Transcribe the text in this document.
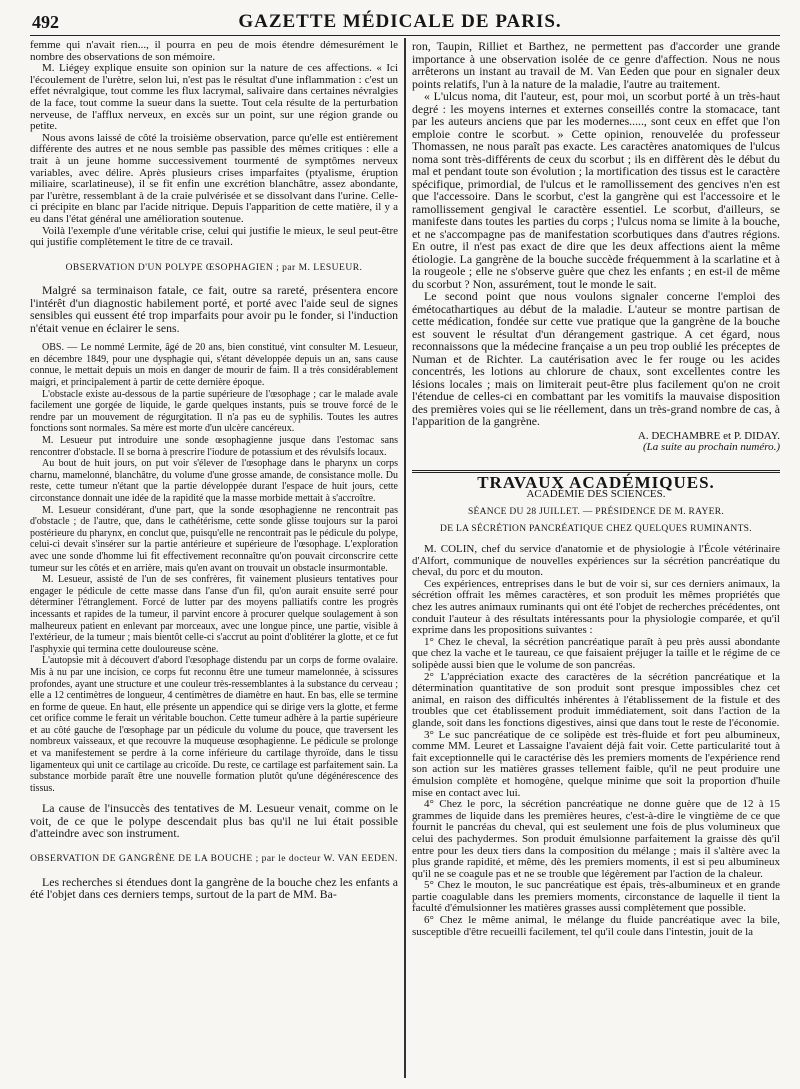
492	GAZETTE MÉDICALE DE PARIS.

femme qui n'avait rien..., il pourra en peu de mois étendre démesurément le nombre des observations de son mémoire.

M. Liégey explique ensuite son opinion sur la nature de ces affections. « Ici l'écoulement de l'urètre, selon lui, n'est pas le résultat d'une inflammation : c'est un effet névralgique, tout comme les flux lacrymal, salivaire dans certaines névralgies de la face, tout comme la sueur dans la suette. Tout cela résulte de la perturbation nerveuse, de l'afflux nerveux, en excès sur un point, sur une région grande ou petite.

Nous avons laissé de côté la troisième observation, parce qu'elle est entièrement différente des autres et ne nous semble pas passible des mêmes critiques : elle a trait à un jeune homme successivement tourmenté de symptômes nerveux variables, avec délire. Après plusieurs crises imparfaites (ptyalisme, éruption miliaire, scarlatineuse), il se fit enfin une excrétion blanchâtre, assez abondante, par l'urètre, ressemblant à de la craie pulvérisée et se dissolvant dans l'urine. Celle-ci précipite en blanc par l'acide nitrique. Depuis l'apparition de cette matière, il y a eu dans l'état général une amélioration soutenue.

Voilà l'exemple d'une véritable crise, celui qui justifie le mieux, le seul peut-être qui justifie complètement le titre de ce travail.

OBSERVATION D'UN POLYPE ŒSOPHAGIEN ; par M. LESUEUR.

Malgré sa terminaison fatale, ce fait, outre sa rareté, présentera encore l'intérêt d'un diagnostic habilement porté, et porté avec l'aide seul de signes sensibles qui eussent été trop imparfaits pour avoir pu le fonder, si l'induction n'était venue en éclairer le sens.

OBS. — Le nommé Lermite, âgé de 20 ans, bien constitué, vint consulter M. Lesueur, en décembre 1849, pour une dysphagie qui, s'étant développée depuis un an, sans cause connue, le mettait depuis un mois en danger de mourir de faim. Il a très considérablement maigri, et principalement à partir de cette dernière époque.

L'obstacle existe au-dessous de la partie supérieure de l'œsophage ; car le malade avale facilement une gorgée de liquide, le garde quelques instants, puis se trouve forcé de le rendre par un mouvement de régurgitation. Il n'a pas eu de syphilis. Toutes les autres fonctions sont normales. Sa mère est morte d'un ulcère cancéreux.

M. Lesueur put introduire une sonde œsophagienne jusque dans l'estomac sans rencontrer d'obstacle. Il se borna à prescrire l'iodure de potassium et des révulsifs locaux.

Au bout de huit jours, on put voir s'élever de l'œsophage dans le pharynx un corps charnu, mamelonné, blanchâtre, du volume d'une grosse amande, de consistance molle. Du reste, cette tumeur n'étant que la partie développée durant l'espace de huit jours, cette circonstance donnait une idée de la rapidité que la masse morbide mettait à s'accroître.

M. Lesueur considérant, d'une part, que la sonde œsophagienne ne rencontrait pas d'obstacle ; de l'autre, que, dans le cathétérisme, cette sonde glisse toujours sur la paroi postérieure du pharynx, en conclut que, puisqu'elle ne rencontrait pas le pédicule du polype, celui-ci devait s'insérer sur la partie antérieure et supérieure de l'œsophage. L'exploration avec une sonde d'homme lui fit effectivement reconnaître qu'on pouvait circonscrire cette tumeur sur les côtés et en arrière, mais qu'en avant on trouvait un obstacle insurmontable.

M. Lesueur, assisté de l'un de ses confrères, fit vainement plusieurs tentatives pour engager le pédicule de cette masse dans l'anse d'un fil, qu'on aurait ensuite serré pour déterminer l'étranglement. Forcé de lutter par des moyens palliatifs contre les progrès incessants et rapides de la tumeur, il parvint encore à procurer quelque soulagement à son malheureux patient en enlevant par morceaux, avec une longue pince, une partie, visible à l'extérieur, de la tumeur ; mais bientôt celle-ci s'accrut au point d'oblitérer la glotte, et ce fut l'asphyxie qui termina cette douloureuse scène.

L'autopsie mit à découvert d'abord l'œsophage distendu par un corps de forme ovalaire. Mis à nu par une incision, ce corps fut reconnu être une tumeur mamelonnée, à scissures profondes, ayant une structure et une couleur très-ressemblantes à la substance du cerveau ; elle a 12 centimètres de longueur, 4 centimètres de diamètre en haut. En bas, elle se termine en forme de queue. En haut, elle présente un appendice qui se dirige vers la glotte, et ferme cet orifice comme le ferait un véritable bouchon. Cette tumeur adhère à la partie supérieure et au côté gauche de l'œsophage par un pédicule du volume du pouce, que traversent les nombreux vaisseaux, et que recouvre la muqueuse œsophagienne. Le pédicule se prolonge et va manifestement se perdre à la corne inférieure du cartilage thyroïde, dans le tissu ligamenteux qui unit ce cartilage au cricoïde. Du reste, ce cartilage est parfaitement sain. La substance morbide paraît être une nouvelle formation plutôt qu'une dégénérescence des tissus.

La cause de l'insuccès des tentatives de M. Lesueur venait, comme on le voit, de ce que le polype descendait plus bas qu'il ne lui était possible d'atteindre avec son instrument.

OBSERVATION DE GANGRÈNE DE LA BOUCHE ; par le docteur W. VAN EEDEN.

Les recherches si étendues dont la gangrène de la bouche chez les enfants a été l'objet dans ces derniers temps, surtout de la part de MM. Ba-

ron, Taupin, Rilliet et Barthez, ne permettent pas d'accorder une grande importance à une observation isolée de ce genre d'affection. Nous ne nous arrêterons un instant au travail de M. Van Eeden que pour en signaler deux points relatifs, l'un à la nature de la maladie, l'autre au traitement.

« L'ulcus noma, dit l'auteur, est, pour moi, un scorbut porté à un très-haut degré : les moyens internes et externes conseillés contre la stomacace, tant par les auteurs anciens que par les modernes....., sont ceux en effet que l'on emploie contre le scorbut. » Cette opinion, renouvelée du professeur Thomassen, ne nous paraît pas exacte. Les caractères anatomiques de l'ulcus noma sont très-différents de ceux du scorbut ; ils en diffèrent dès le début du mal et pendant toute son évolution ; la mortification des tissus est le caractère spécifique, primordial, de l'ulcus et le ramollissement des gencives n'en est que l'accessoire. Dans le scorbut, c'est la gangrène qui est l'accessoire et le ramollissement gengival le caractère essentiel. Le scorbut, d'ailleurs, se manifeste dans toutes les parties du corps ; l'ulcus noma se limite à la bouche, et ne s'accompagne pas de manifestation scorbutiques dans d'autres régions. En outre, il n'est pas exact de dire que les deux affections aient la même étiologie. La gangrène de la bouche succède fréquemment à la scarlatine et à la rougeole ; elle ne s'observe guère que chez les enfants ; en est-il de même du scorbut ? Non, assurément, tout le monde le sait.

Le second point que nous voulons signaler concerne l'emploi des émétocathartiques au début de la maladie. L'auteur se montre partisan de cette médication, fondée sur cette vue pratique que la gangrène de la bouche est souvent le résultat d'un dérangement gastrique. A cet égard, nous reconnaissons que la médecine française a un peu trop oublié les préceptes de Numan et de Richter. La cautérisation avec le fer rouge ou les acides concentrés, les lotions au chlorure de chaux, sont excellentes contre les lésions locales ; mais on limiterait peut-être plus facilement qu'on ne croit l'étendue de celles-ci en combattant par les vomitifs la mauvaise disposition des premières voies qui se lie réellement, dans un très-grand nombre de cas, à l'apparition de la gangrène.

A. DECHAMBRE et P. DIDAY.

(La suite au prochain numéro.)

TRAVAUX ACADÉMIQUES.

ACADÉMIE DES SCIENCES.

SÉANCE DU 28 JUILLET. — PRÉSIDENCE DE M. RAYER.

DE LA SÉCRÉTION PANCRÉATIQUE CHEZ QUELQUES RUMINANTS.

M. COLIN, chef du service d'anatomie et de physiologie à l'École vétérinaire d'Alfort, communique de nouvelles expériences sur la sécrétion pancréatique du cheval, du porc et du mouton.

Ces expériences, entreprises dans le but de voir si, sur ces derniers animaux, la sécrétion offrait les mêmes caractères, et son produit les mêmes propriétés que chez les autres animaux ruminants qui ont été l'objet de recherches précédentes, ont conduit l'auteur à des résultats intéressants pour la physiologie comparée, et qu'il exprime dans les propositions suivantes :

1° Chez le cheval, la sécrétion pancréatique paraît à peu près aussi abondante que chez la vache et le taureau, ce que faisaient préjuger la taille et le régime de ce solipède aussi bien que le volume de son pancréas.

2° L'appréciation exacte des caractères de la sécrétion pancréatique et la détermination quantitative de son produit sont presque impossibles chez cet animal, en raison des difficultés inhérentes à l'établissement de la fistule et des troubles que cet établissement produit immédiatement, soit dans l'action de la glande, soit dans les fonctions digestives, ainsi que dans tout le reste de l'économie.

3° Le suc pancréatique de ce solipède est très-fluide et fort peu albumineux, comme MM. Leuret et Lassaigne l'avaient déjà fait voir. Cette particularité tout à fait exceptionnelle qui le caractérise dès les premiers moments de l'expérience rend son action sur les matières grasses tellement faible, qu'il ne peut produire une émulsion complète et homogène, quelque minime que soit la proportion d'huile mise en contact avec lui.

4° Chez le porc, la sécrétion pancréatique ne donne guère que de 12 à 15 grammes de liquide dans les premières heures, c'est-à-dire le vingtième de ce que fournit le pancréas du cheval, qui est seulement une fois de plus volumineux que celui des pachydermes. Son produit émulsionne parfaitement la graisse dès qu'il entre pour les deux tiers dans la composition du mélange ; mais il s'altère avec la plus grande rapidité, et même, dès les premiers moments, il est si peu albumineux qu'il ne se coagule pas et ne se trouble que légèrement par l'action de la chaleur.

5° Chez le mouton, le suc pancréatique est épais, très-albumineux et en grande partie coagulable dans les premiers moments, circonstance de laquelle il tient la faculté d'émulsionner les matières grasses aussi complètement que possible.

6° Chez le même animal, le mélange du fluide pancréatique avec la bile, susceptible d'être recueilli facilement, tel qu'il coule dans l'intestin, jouit de la
